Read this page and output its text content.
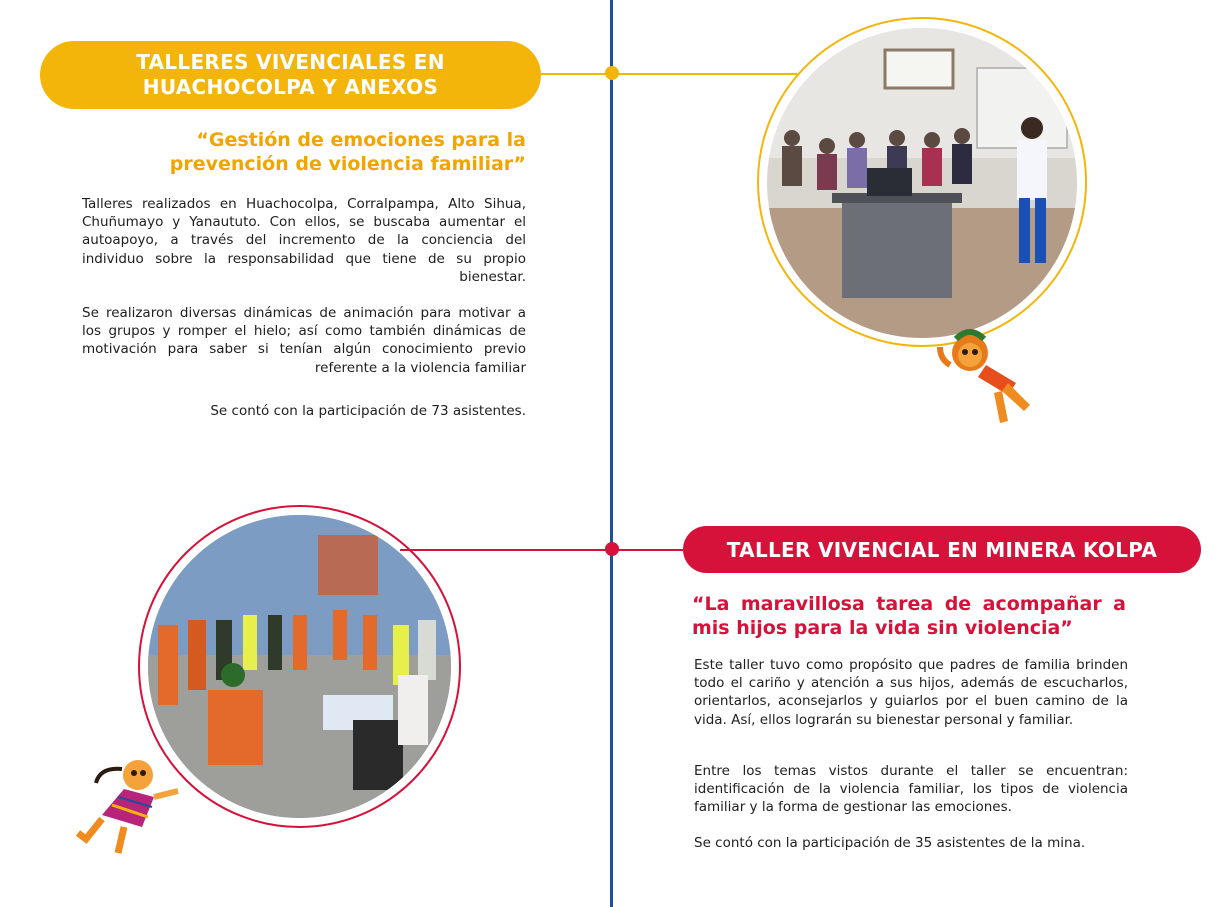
TALLERES VIVENCIALES EN HUACHOCOLPA Y ANEXOS
“Gestión de emociones para la prevención de violencia familiar”
Talleres realizados en Huachocolpa, Corralpampa, Alto Sihua, Chuñumayo y Yanaututo. Con ellos, se buscaba aumentar el autoapoyo, a través del incremento de la conciencia del individuo sobre la responsabilidad que tiene de su propio bienestar.
Se realizaron diversas dinámicas de animación para motivar a los grupos y romper el hielo; así como también dinámicas de motivación para saber si tenían algún conocimiento previo referente a la violencia familiar
Se contó con la participación de 73 asistentes.
TALLER VIVENCIAL EN MINERA KOLPA
“La maravillosa tarea de acompañar a mis hijos para la vida sin violencia”
Este taller tuvo como propósito que padres de familia brinden todo el cariño y atención a sus hijos, además de escucharlos, orientarlos, aconsejarlos y guiarlos por el buen camino de la vida. Así, ellos lograrán su bienestar personal y familiar.
Entre los temas vistos durante el taller se encuentran: identificación de la violencia familiar, los tipos de violencia familiar y la forma de gestionar las emociones.
Se contó con la participación de 35 asistentes de la mina.
